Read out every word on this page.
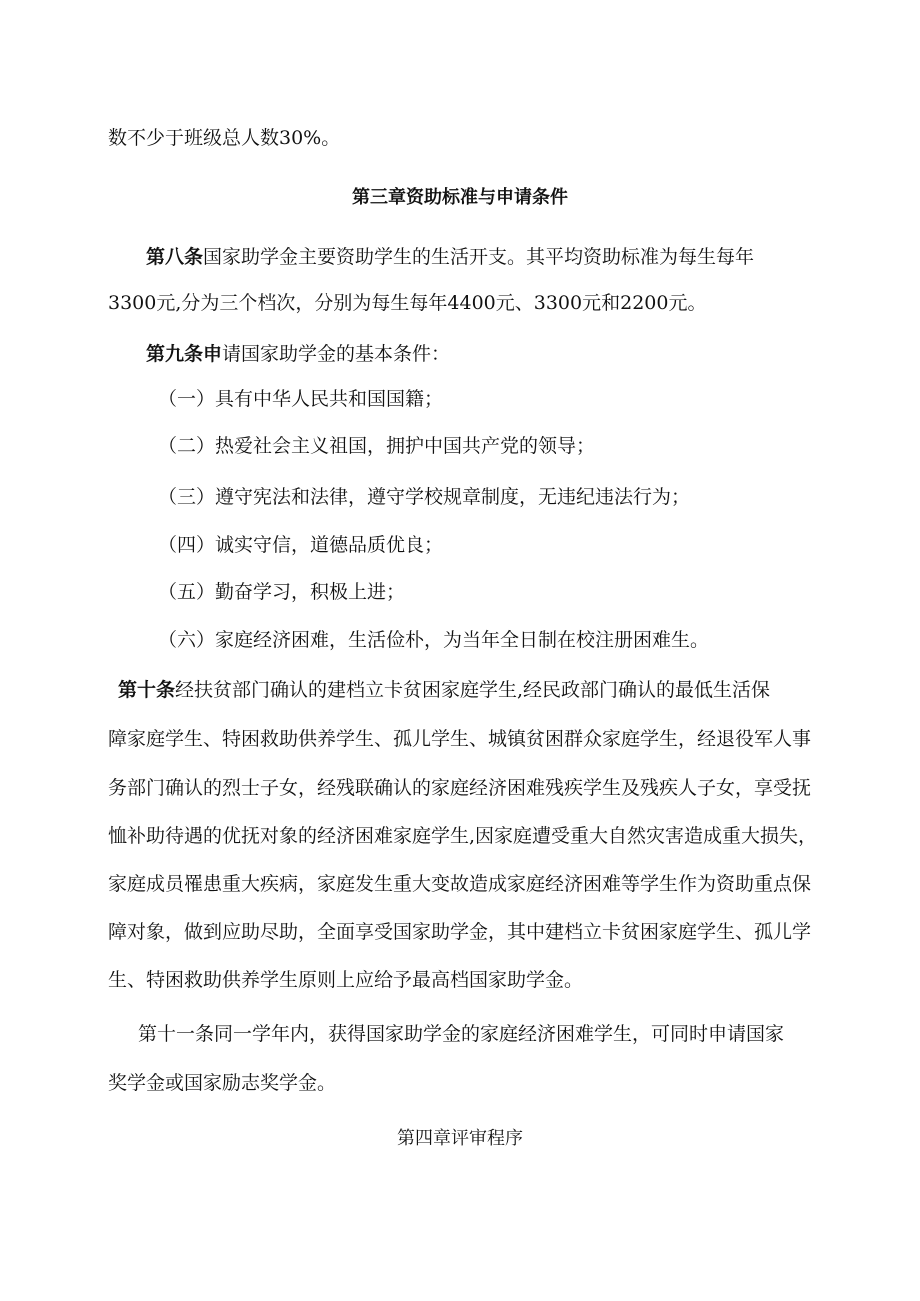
数不少于班级总人数30%。
第三章资助标准与申请条件
第八条国家助学金主要资助学生的生活开支。其平均资助标准为每生每年
3300元,分为三个档次，分别为每生每年4400元、3300元和2200元。
第九条申请国家助学金的基本条件：
（一）具有中华人民共和国国籍；
（二）热爱社会主义祖国，拥护中国共产党的领导；
（三）遵守宪法和法律，遵守学校规章制度，无违纪违法行为；
（四）诚实守信，道德品质优良；
（五）勤奋学习，积极上进；
（六）家庭经济困难，生活俭朴，为当年全日制在校注册困难生。
第十条经扶贫部门确认的建档立卡贫困家庭学生,经民政部门确认的最低生活保
障家庭学生、特困救助供养学生、孤儿学生、城镇贫困群众家庭学生，经退役军人事
务部门确认的烈士子女，经残联确认的家庭经济困难残疾学生及残疾人子女，享受抚
恤补助待遇的优抚对象的经济困难家庭学生,因家庭遭受重大自然灾害造成重大损失，
家庭成员罹患重大疾病，家庭发生重大变故造成家庭经济困难等学生作为资助重点保
障对象，做到应助尽助，全面享受国家助学金，其中建档立卡贫困家庭学生、孤儿学
生、特困救助供养学生原则上应给予最高档国家助学金。
第十一条同一学年内，获得国家助学金的家庭经济困难学生，可同时申请国家
奖学金或国家励志奖学金。
第四章评审程序
